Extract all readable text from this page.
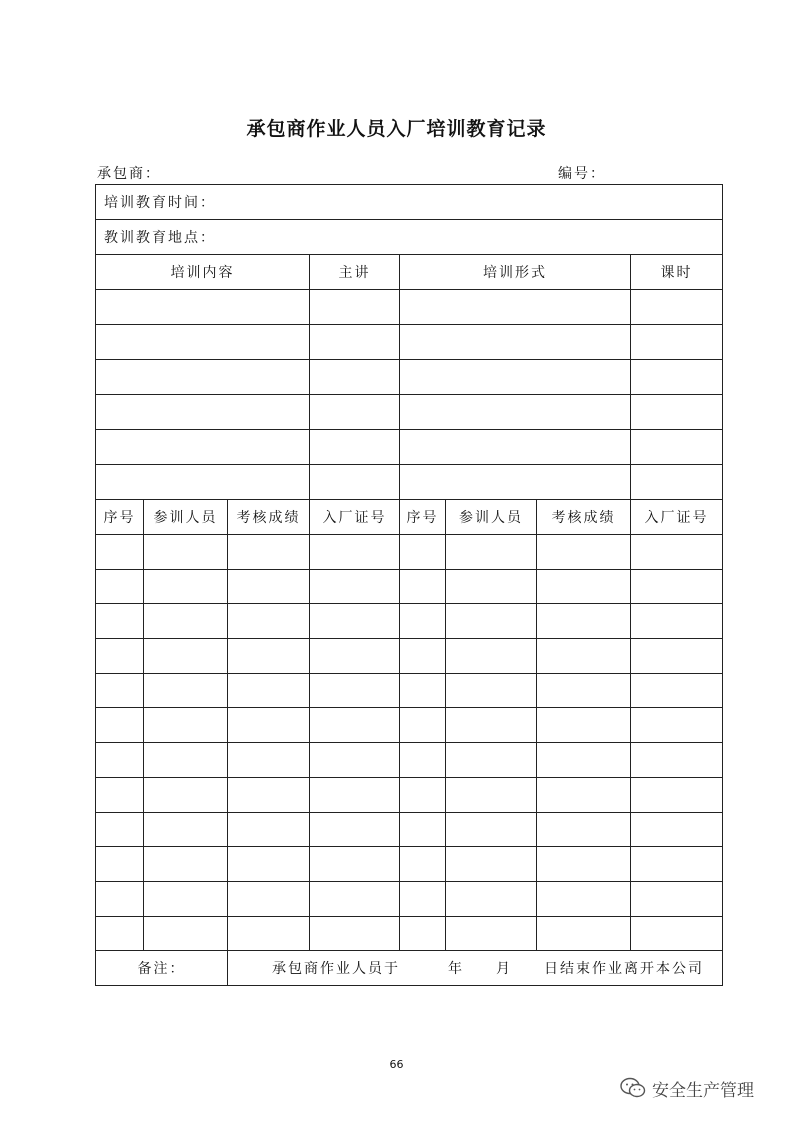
承包商作业人员入厂培训教育记录
承包商：	编号：
培训教育时间：							
教训教育地点：							
培训内容			主讲	培训形式			课时

序号	参训人员	考核成绩	入厂证号	序号	参训人员	考核成绩	入厂证号

备注：		承包商作业人员于　　　年　　月　　日结束作业离开本公司					
66
安全生产管理
